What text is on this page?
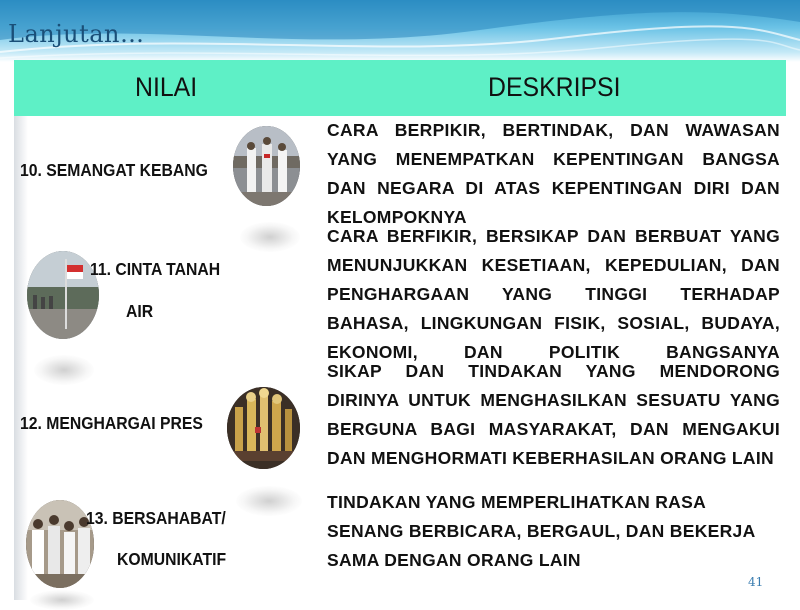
Lanjutan…
NILAI	DESKRIPSI
10. SEMANGAT KEBANG
CARA BERPIKIR, BERTINDAK, DAN WAWASAN YANG MENEMPATKAN KEPENTINGAN BANGSA DAN NEGARA DI ATAS KEPENTINGAN DIRI DAN KELOMPOKNYA
11. CINTA TANAH
AIR
CARA BERFIKIR, BERSIKAP DAN BERBUAT YANG MENUNJUKKAN KESETIAAN, KEPEDULIAN, DAN PENGHARGAAN YANG TINGGI TERHADAP BAHASA, LINGKUNGAN FISIK, SOSIAL, BUDAYA, EKONOMI, DAN POLITIK BANGSANYA
12. MENGHARGAI PRES
SIKAP DAN TINDAKAN YANG MENDORONG DIRINYA UNTUK MENGHASILKAN SESUATU YANG BERGUNA BAGI MASYARAKAT, DAN MENGAKUI DAN MENGHORMATI KEBERHASILAN ORANG LAIN
13. BERSAHABAT/
KOMUNIKATIF
TINDAKAN YANG MEMPERLIHATKAN RASA SENANG BERBICARA, BERGAUL, DAN BEKERJA SAMA DENGAN ORANG LAIN
41
